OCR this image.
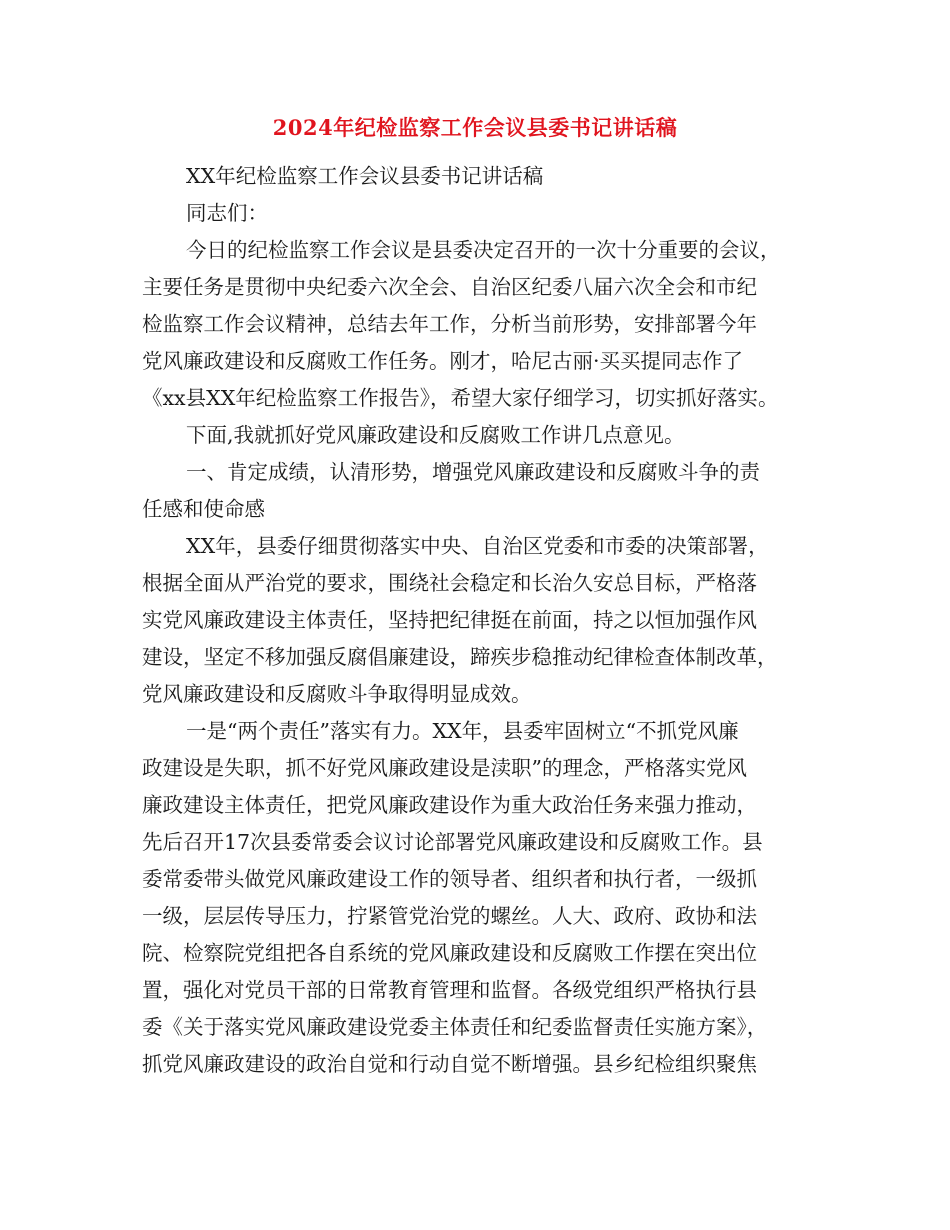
2024年纪检监察工作会议县委书记讲话稿
XX年纪检监察工作会议县委书记讲话稿
同志们：
今日的纪检监察工作会议是县委决定召开的一次十分重要的会议，
主要任务是贯彻中央纪委六次全会、自治区纪委八届六次全会和市纪
检监察工作会议精神，总结去年工作，分析当前形势，安排部署今年
党风廉政建设和反腐败工作任务。刚才，哈尼古丽·买买提同志作了
《xx县XX年纪检监察工作报告》，希望大家仔细学习，切实抓好落实。
下面,我就抓好党风廉政建设和反腐败工作讲几点意见。
一、肯定成绩，认清形势，增强党风廉政建设和反腐败斗争的责
任感和使命感
XX年，县委仔细贯彻落实中央、自治区党委和市委的决策部署，
根据全面从严治党的要求，围绕社会稳定和长治久安总目标，严格落
实党风廉政建设主体责任，坚持把纪律挺在前面，持之以恒加强作风
建设，坚定不移加强反腐倡廉建设，蹄疾步稳推动纪律检查体制改革，
党风廉政建设和反腐败斗争取得明显成效。
一是“两个责任”落实有力。XX年，县委牢固树立“不抓党风廉
政建设是失职，抓不好党风廉政建设是渎职”的理念，严格落实党风
廉政建设主体责任，把党风廉政建设作为重大政治任务来强力推动，
先后召开17次县委常委会议讨论部署党风廉政建设和反腐败工作。县
委常委带头做党风廉政建设工作的领导者、组织者和执行者，一级抓
一级，层层传导压力，拧紧管党治党的螺丝。人大、政府、政协和法
院、检察院党组把各自系统的党风廉政建设和反腐败工作摆在突出位
置，强化对党员干部的日常教育管理和监督。各级党组织严格执行县
委《关于落实党风廉政建设党委主体责任和纪委监督责任实施方案》，
抓党风廉政建设的政治自觉和行动自觉不断增强。县乡纪检组织聚焦
